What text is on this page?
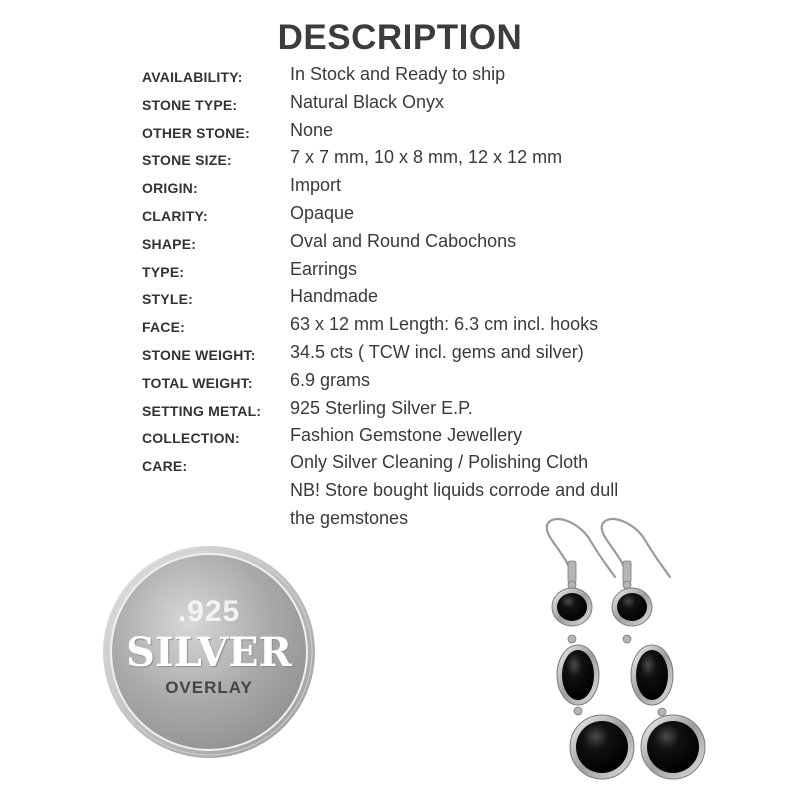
DESCRIPTION
AVAILABILITY:	In Stock and Ready to ship
STONE TYPE:	Natural Black Onyx
OTHER STONE: None
STONE SIZE:	7 x 7 mm, 10 x 8 mm, 12 x 12 mm
ORIGIN:	Import
CLARITY:	Opaque
SHAPE:	Oval and Round Cabochons
TYPE:	Earrings
STYLE:	Handmade
FACE:	63 x 12 mm Length: 6.3 cm incl. hooks
STONE WEIGHT: 34.5 cts ( TCW incl. gems and silver)
TOTAL WEIGHT: 6.9 grams
SETTING METAL: 925 Sterling Silver E.P.
COLLECTION:	Fashion Gemstone Jewellery
CARE:	Only Silver Cleaning / Polishing Cloth
NB! Store bought liquids corrode and dull
the gemstones
.925
SILVER
OVERLAY
